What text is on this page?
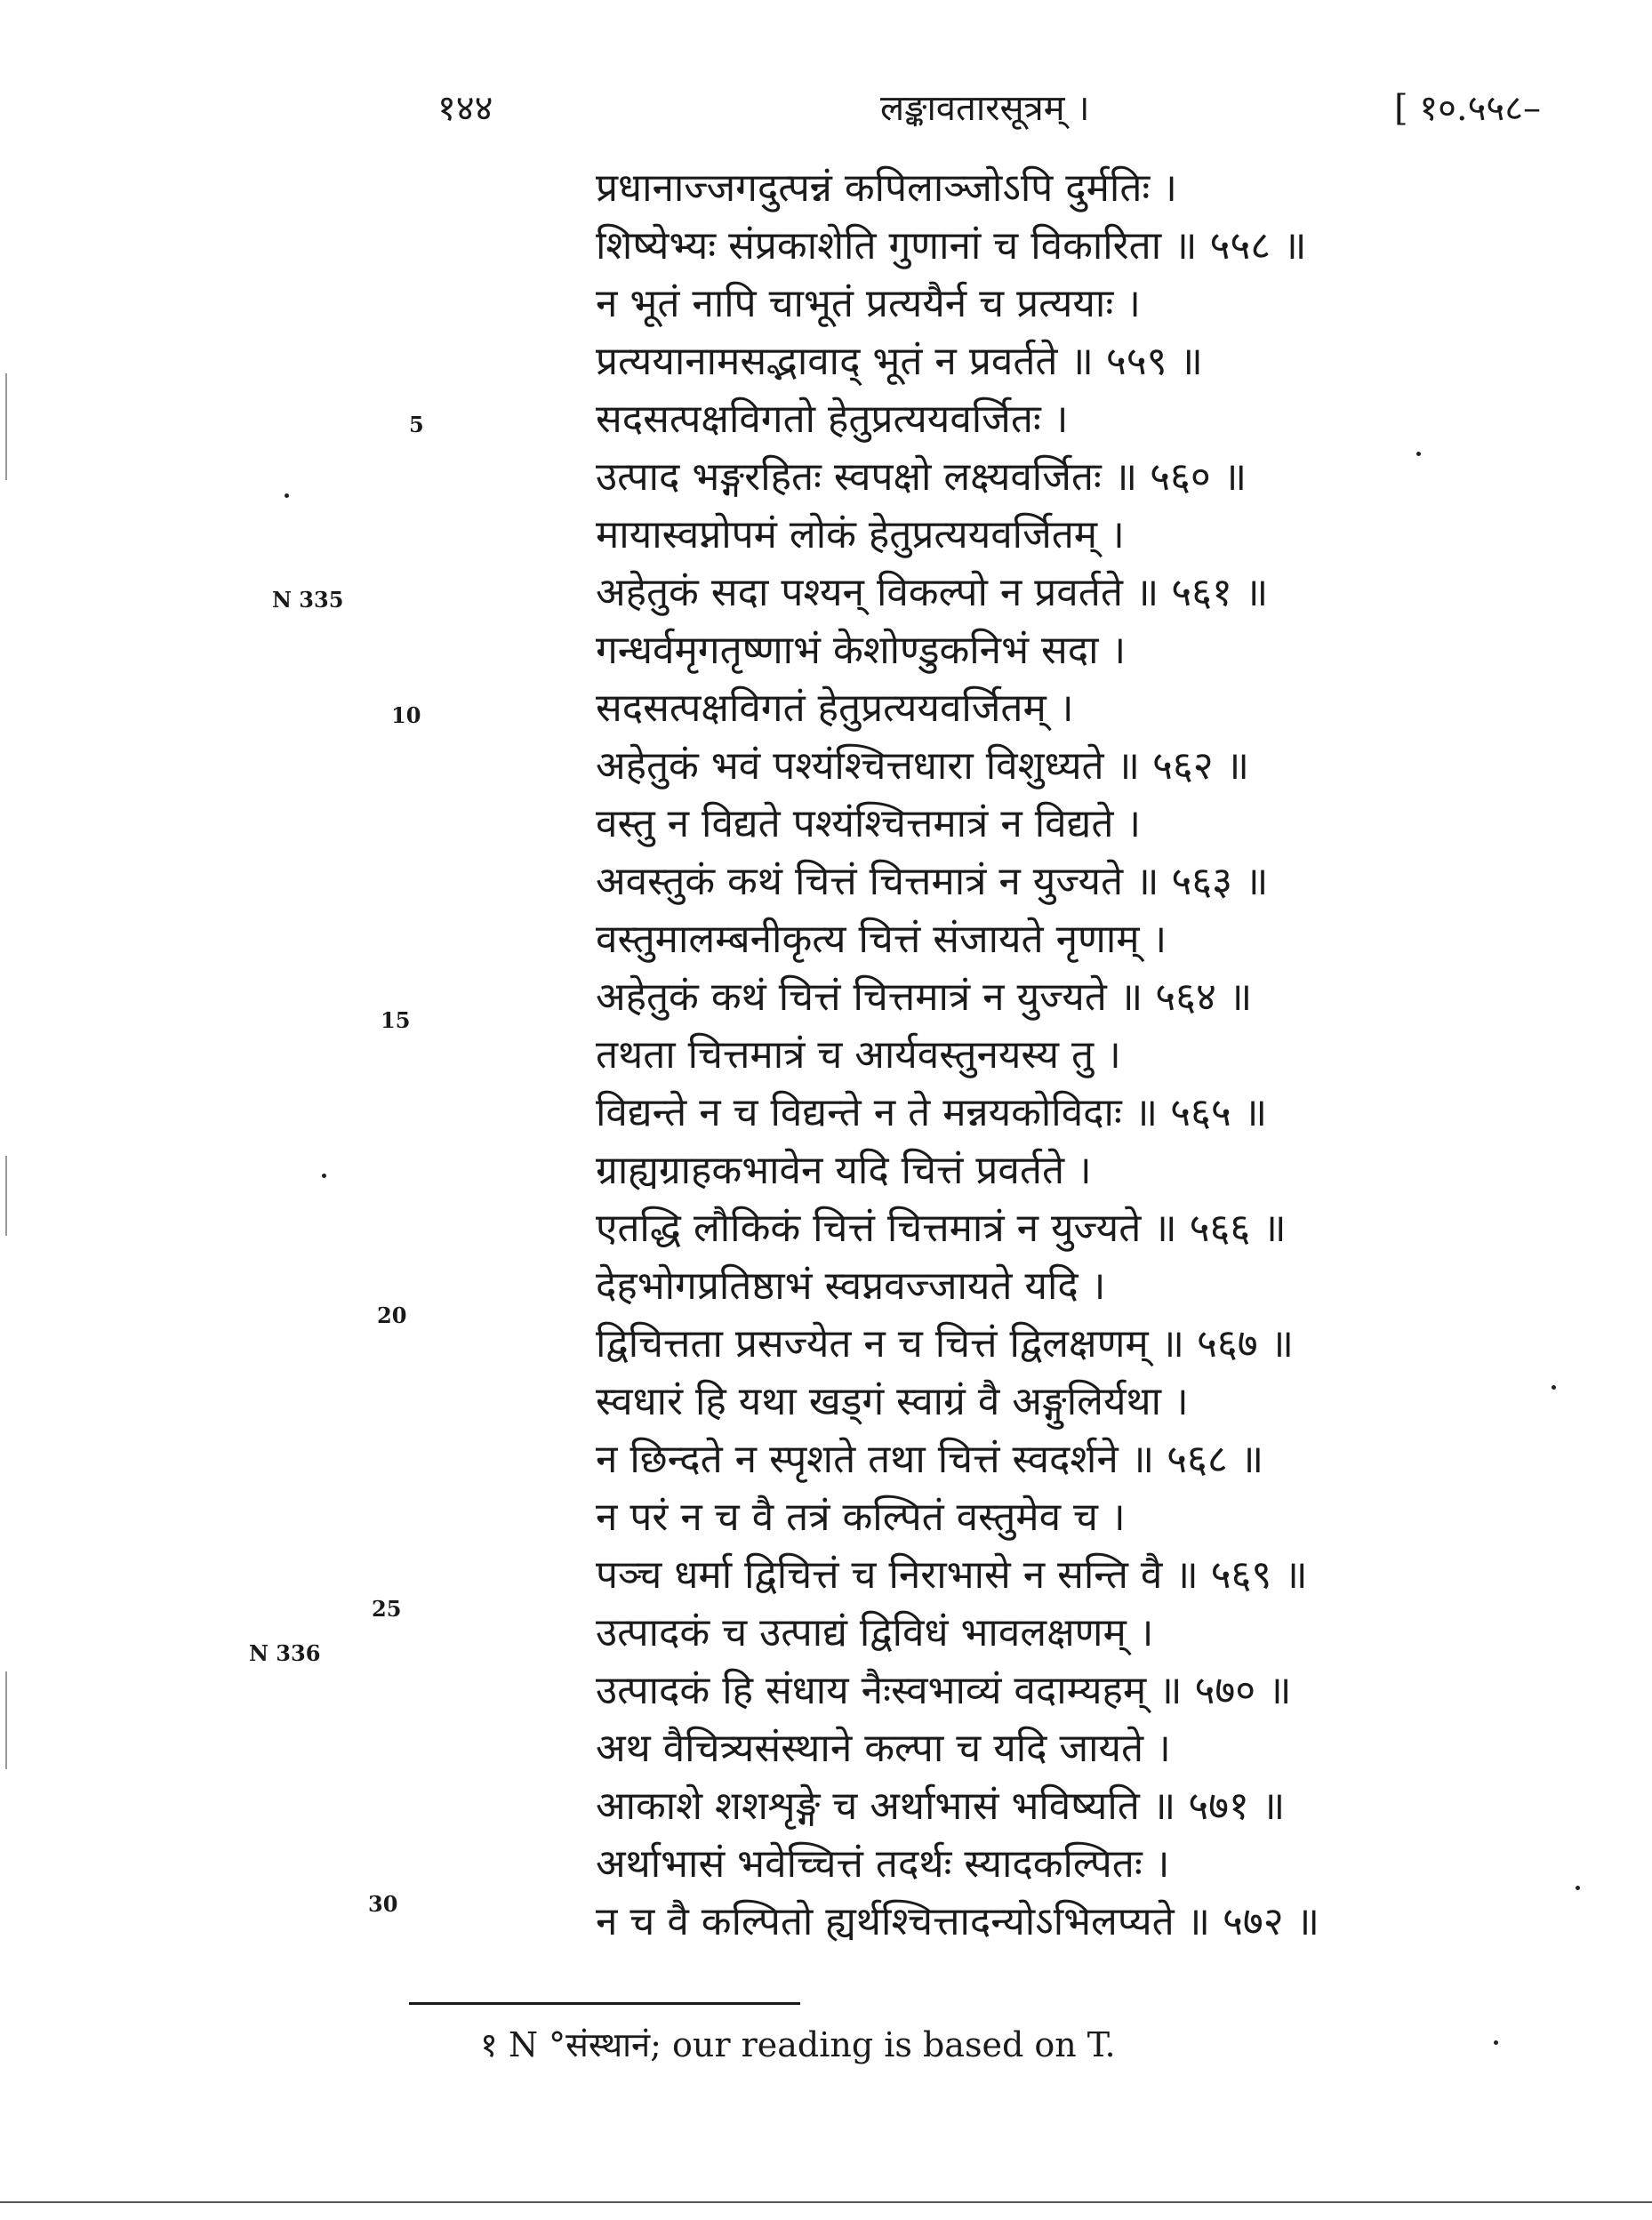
१४४	लङ्कावतारसूत्रम् ।	[ १०.५५८–
प्रधानाज्जगदुत्पन्नं कपिलाञ्जोऽपि दुर्मतिः ।
शिष्येभ्यः संप्रकाशेति गुणानां च विकारिता ॥ ५५८ ॥
न भूतं नापि चाभूतं प्रत्ययैर्न च प्रत्ययाः ।
प्रत्ययानामसद्भावाद् भूतं न प्रवर्तते ॥ ५५९ ॥
सदसत्पक्षविगतो हेतुप्रत्ययवर्जितः ।
उत्पाद भङ्गरहितः स्वपक्षो लक्ष्यवर्जितः ॥ ५६० ॥
मायास्वप्नोपमं लोकं हेतुप्रत्ययवर्जितम् ।
अहेतुकं सदा पश्यन् विकल्पो न प्रवर्तते ॥ ५६१ ॥
गन्धर्वमृगतृष्णाभं केशोण्डुकनिभं सदा ।
सदसत्पक्षविगतं हेतुप्रत्ययवर्जितम् ।
अहेतुकं भवं पश्यंश्चित्तधारा विशुध्यते ॥ ५६२ ॥
वस्तु न विद्यते पश्यंश्चित्तमात्रं न विद्यते ।
अवस्तुकं कथं चित्तं चित्तमात्रं न युज्यते ॥ ५६३ ॥
वस्तुमालम्बनीकृत्य चित्तं संजायते नृणाम् ।
अहेतुकं कथं चित्तं चित्तमात्रं न युज्यते ॥ ५६४ ॥
तथता चित्तमात्रं च आर्यवस्तुनयस्य तु ।
विद्यन्ते न च विद्यन्ते न ते मन्नयकोविदाः ॥ ५६५ ॥
ग्राह्यग्राहकभावेन यदि चित्तं प्रवर्तते ।
एतद्धि लौकिकं चित्तं चित्तमात्रं न युज्यते ॥ ५६६ ॥
देहभोगप्रतिष्ठाभं स्वप्नवज्जायते यदि ।
द्विचित्तता प्रसज्येत न च चित्तं द्विलक्षणम् ॥ ५६७ ॥
स्वधारं हि यथा खड्गं स्वाग्रं वै अङ्गुलिर्यथा ।
न छिन्दते न स्पृशते तथा चित्तं स्वदर्शने ॥ ५६८ ॥
न परं न च वै तत्रं कल्पितं वस्तुमेव च ।
पञ्च धर्मा द्विचित्तं च निराभासे न सन्ति वै ॥ ५६९ ॥
उत्पादकं च उत्पाद्यं द्विविधं भावलक्षणम् ।
उत्पादकं हि संधाय नैःस्वभाव्यं वदाम्यहम् ॥ ५७० ॥
अथ वैचित्र्यसंस्थाने कल्पा च यदि जायते ।
आकाशे शशशृङ्गे च अर्थाभासं भविष्यति ॥ ५७१ ॥
अर्थाभासं भवेच्चित्तं तदर्थः स्यादकल्पितः ।
न च वै कल्पितो ह्यर्थश्चित्तादन्योऽभिलप्यते ॥ ५७२ ॥
5
N 335
10
15
20
25
N 336
30
१ N °संस्थानं; our reading is based on T.
